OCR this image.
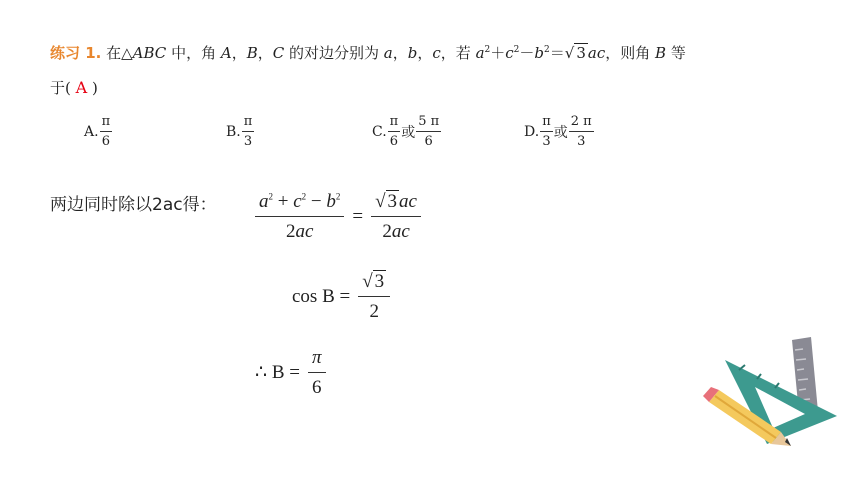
练习 1. 在△ABC 中，角 A，B，C 的对边分别为 a，b，c，若 $a^2+c^2-b^2=√$ 3 ac，则角 B 等
于( A )
A. $\frac{\pi}{6}$	B. $\frac{\pi}{3}$	C. $\frac{\pi}{6}$ 或 $\frac{5 \pi}{6}$	D. $\frac{\pi}{3}$ 或 $\frac{2 \pi}{3}$
两边同时除以2ac得： $\frac{a^2 + c^2 - b^2}{2ac} = \frac{√ 3 ac}{2ac}$
$\cos B = \frac{√ 3}{2}$
∴ $B = \frac{\pi}{6}$
